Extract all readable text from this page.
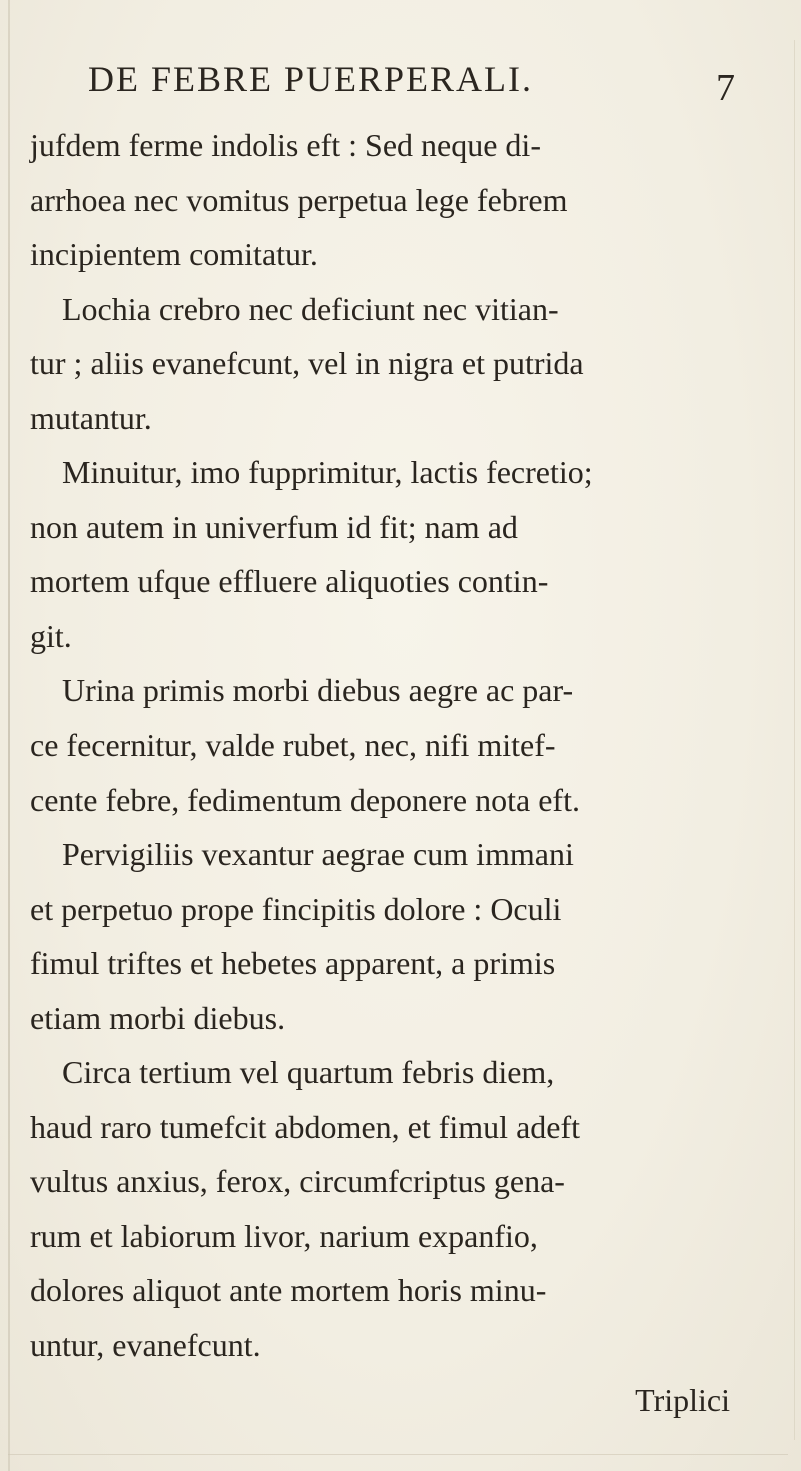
DE FEBRE PUERPERALI.	7
jufdem ferme indolis eft : Sed neque di-
arrhoea nec vomitus perpetua lege febrem
incipientem comitatur.
Lochia crebro nec deficiunt nec vitian-
tur ; aliis evanefcunt, vel in nigra et putrida
mutantur.
Minuitur, imo fupprimitur, lactis fecretio;
non autem in univerfum id fit; nam ad
mortem ufque effluere aliquoties contin-
git.
Urina primis morbi diebus aegre ac par-
ce fecernitur, valde rubet, nec, nifi mitef-
cente febre, fedimentum deponere nota eft.
Pervigiliis vexantur aegrae cum immani
et perpetuo prope fincipitis dolore : Oculi
fimul triftes et hebetes apparent, a primis
etiam morbi diebus.
Circa tertium vel quartum febris diem,
haud raro tumefcit abdomen, et fimul adeft
vultus anxius, ferox, circumfcriptus gena-
rum et labiorum livor, narium expanfio,
dolores aliquot ante mortem horis minu-
untur, evanefcunt.
Triplici
